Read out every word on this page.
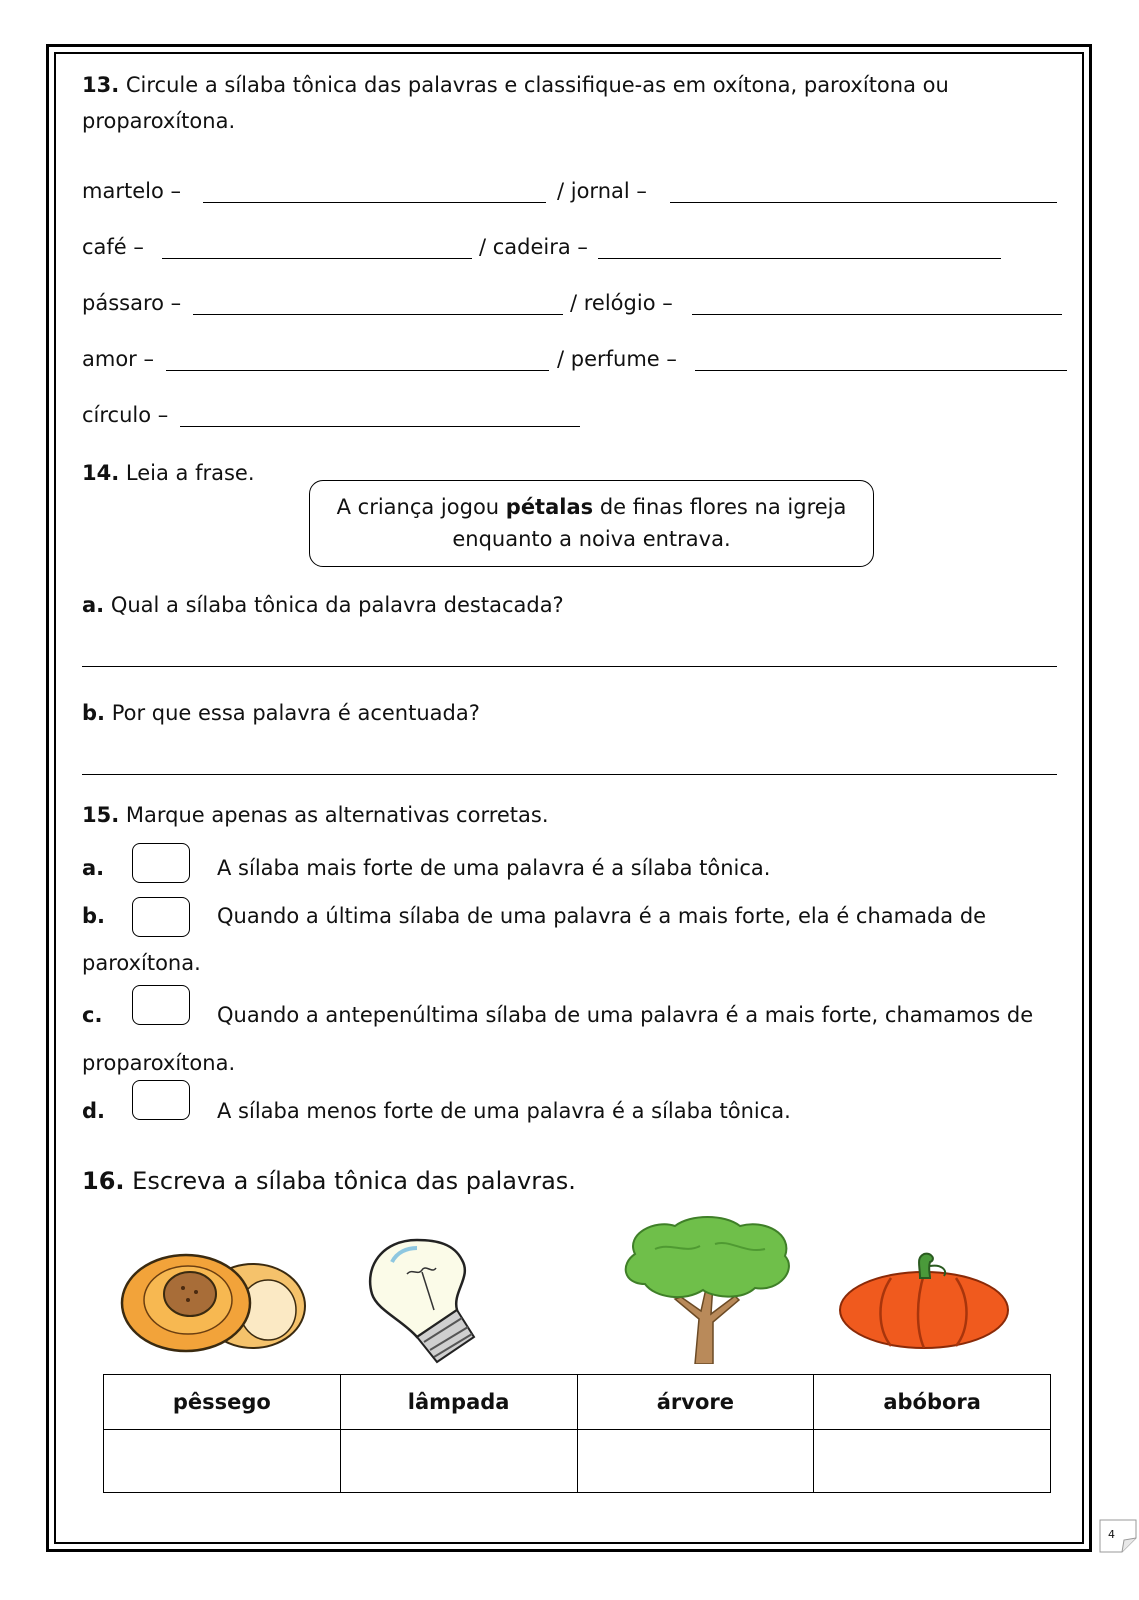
13. Circule a sílaba tônica das palavras e classifique-as em oxítona, paroxítona ou
proparoxítona.
martelo –	/ jornal –
café –	/ cadeira –
pássaro –	/ relógio –
amor –	/ perfume –
círculo –
14. Leia a frase.
A criança jogou pétalas de finas flores na igreja
enquanto a noiva entrava.
a. Qual a sílaba tônica da palavra destacada?
b. Por que essa palavra é acentuada?
15. Marque apenas as alternativas corretas.
a.	A sílaba mais forte de uma palavra é a sílaba tônica.
b.	Quando a última sílaba de uma palavra é a mais forte, ela é chamada de
paroxítona.
c.	Quando a antepenúltima sílaba de uma palavra é a mais forte, chamamos de
proparoxítona.
d.	A sílaba menos forte de uma palavra é a sílaba tônica.
16. Escreva a sílaba tônica das palavras.
pêssego	lâmpada	árvore	abóbora

4
